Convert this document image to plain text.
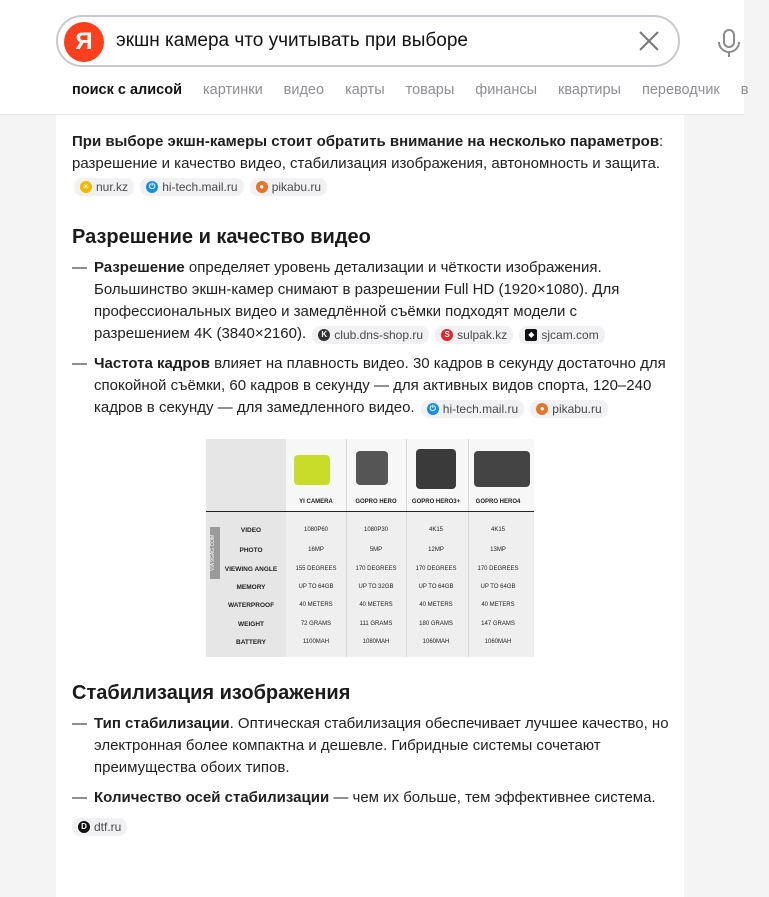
Я	экшн камера что учитывать при выборе
поиск с алисой картинки видео карты товары финансы квартиры переводчик в

При выборе экшн-камеры стоит обратить внимание на несколько параметров: разрешение и качество видео, стабилизация изображения, автономность и защита.
☀ nur.kz
	⏻ hi-tech.mail.ru
	● pikabu.ru

Разрешение и качество видео
— Разрешение определяет уровень детализации и чёткости изображения. Большинство экшн-камер снимают в разрешении Full HD (1920×1080). Для профессиональных видео и замедлённой съёмки подходят модели с разрешением 4K (3840×2160).	K club.dns-shop.ru
	S sulpak.kz
	◆ sjcam.com
— Частота кадров влияет на плавность видео. 30 кадров в секунду достаточно для спокойной съёмки, 60 кадров в секунду — для активных видов спорта, 120–240 кадров в секунду — для замедленного видео.	⏻ hi-tech.mail.ru
	● pikabu.ru
VIA 9GAG.COM
YI CAMERA	GOPRO HERO	GOPRO HERO3+	GOPRO HERO4
VIDEO	1080P60	1080P30	4K15	4K15
PHOTO	16MP	5MP	12MP	13MP
VIEWING ANGLE	155 DEGREES	170 DEGREES	170 DEGREES	170 DEGREES
MEMORY	UP TO 64GB	UP TO 32GB	UP TO 64GB	UP TO 64GB
WATERPROOF	40 METERS	40 METERS	40 METERS	40 METERS
WEIGHT	72 GRAMS	111 GRAMS	180 GRAMS	147 GRAMS
BATTERY	1100MAH	1080MAH	1060MAH	1060MAH
Стабилизация изображения
— Тип стабилизации. Оптическая стабилизация обеспечивает лучшее качество, но электронная более компактна и дешевле. Гибридные системы сочетают преимущества обоих типов.
— Количество осей стабилизации — чем их больше, тем эффективнее система.
D dtf.ru
